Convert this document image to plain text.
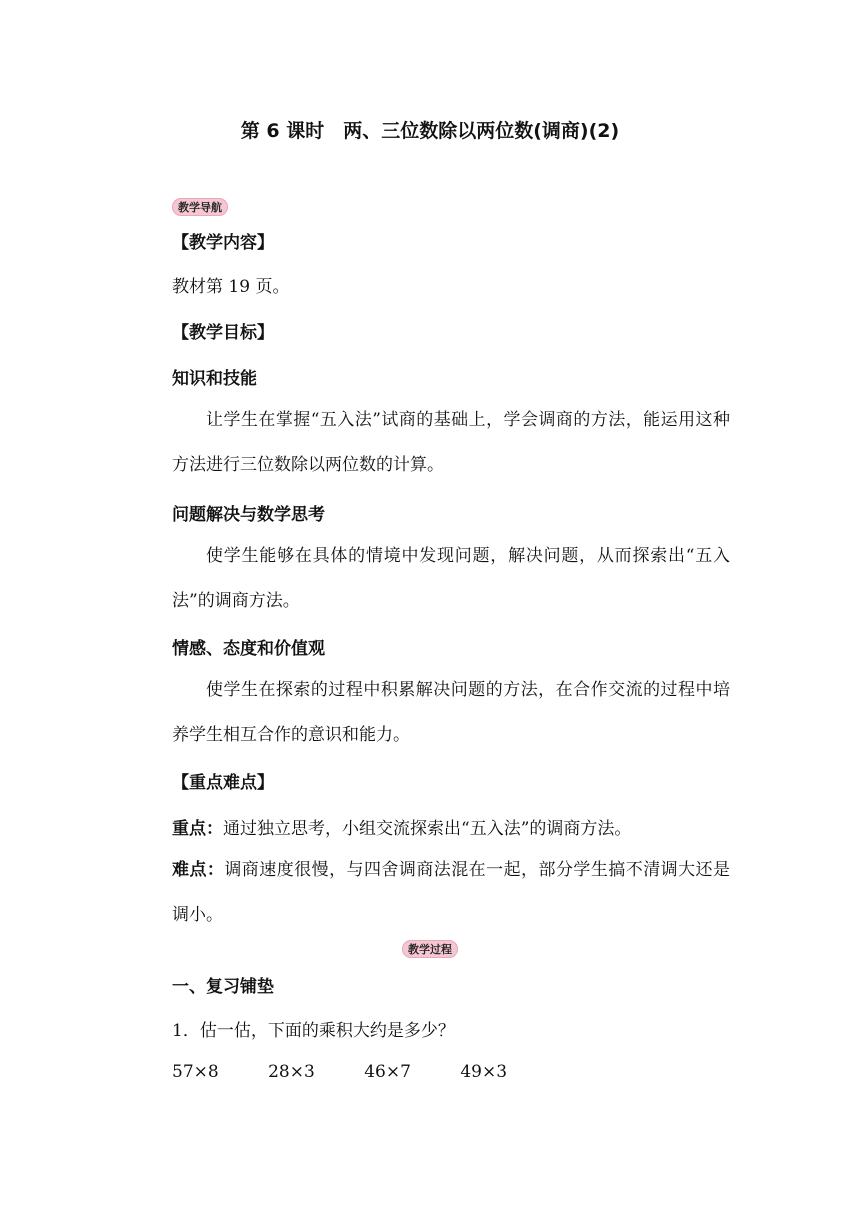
第 6 课时　两、三位数除以两位数(调商)(2)
教学导航
【教学内容】
教材第 19 页。
【教学目标】
知识和技能
让学生在掌握“五入法”试商的基础上，学会调商的方法，能运用这种方法进行三位数除以两位数的计算。
问题解决与数学思考
使学生能够在具体的情境中发现问题，解决问题，从而探索出“五入法”的调商方法。
情感、态度和价值观
使学生在探索的过程中积累解决问题的方法，在合作交流的过程中培养学生相互合作的意识和能力。
【重点难点】
重点：通过独立思考，小组交流探索出“五入法”的调商方法。
难点：调商速度很慢，与四舍调商法混在一起，部分学生搞不清调大还是调小。
教学过程
一、复习铺垫
1．估一估，下面的乘积大约是多少？
57×8	28×3	46×7	49×3
